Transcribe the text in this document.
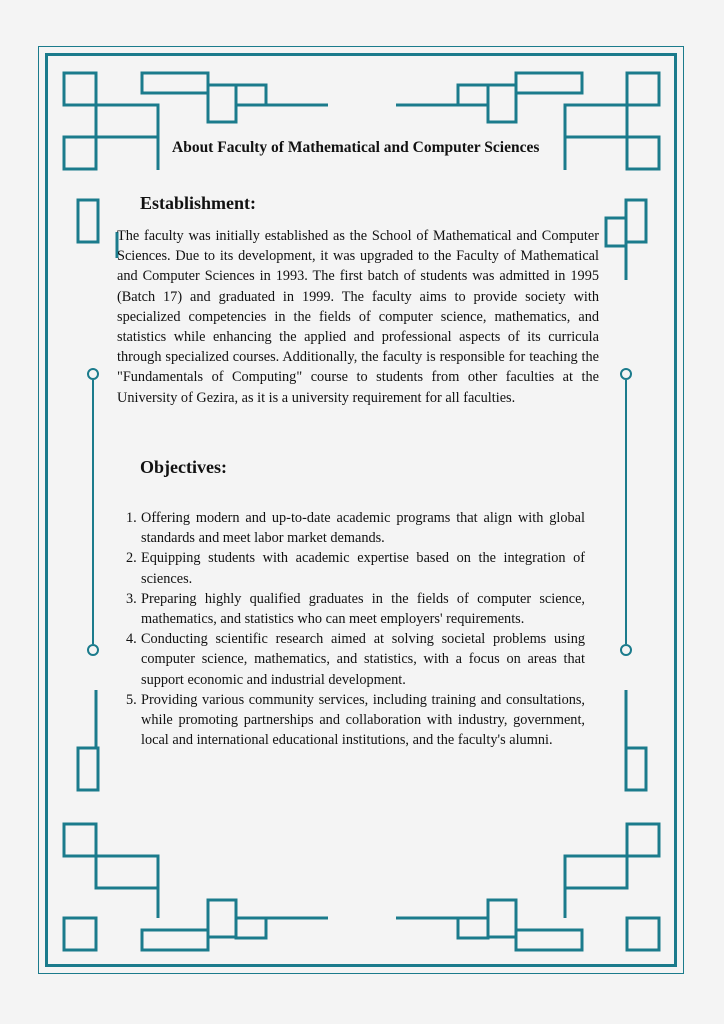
About Faculty of Mathematical and Computer Sciences
Establishment:

The faculty was initially established as the School of Mathematical and Computer Sciences. Due to its development, it was upgraded to the Faculty of Mathematical and Computer Sciences in 1993. The first batch of students was admitted in 1995 (Batch 17) and graduated in 1999. The faculty aims to provide society with specialized competencies in the fields of computer science, mathematics, and statistics while enhancing the applied and professional aspects of its curricula through specialized courses. Additionally, the faculty is responsible for teaching the "Fundamentals of Computing" course to students from other faculties at the University of Gezira, as it is a university requirement for all faculties.

Objectives:
1. Offering modern and up-to-date academic programs that align with global standards and meet labor market demands.
2. Equipping students with academic expertise based on the integration of sciences.
3. Preparing highly qualified graduates in the fields of computer science, mathematics, and statistics who can meet employers' requirements.
4. Conducting scientific research aimed at solving societal problems using computer science, mathematics, and statistics, with a focus on areas that support economic and industrial development.
5. Providing various community services, including training and consultations, while promoting partnerships and collaboration with industry, government, local and international educational institutions, and the faculty's alumni.
